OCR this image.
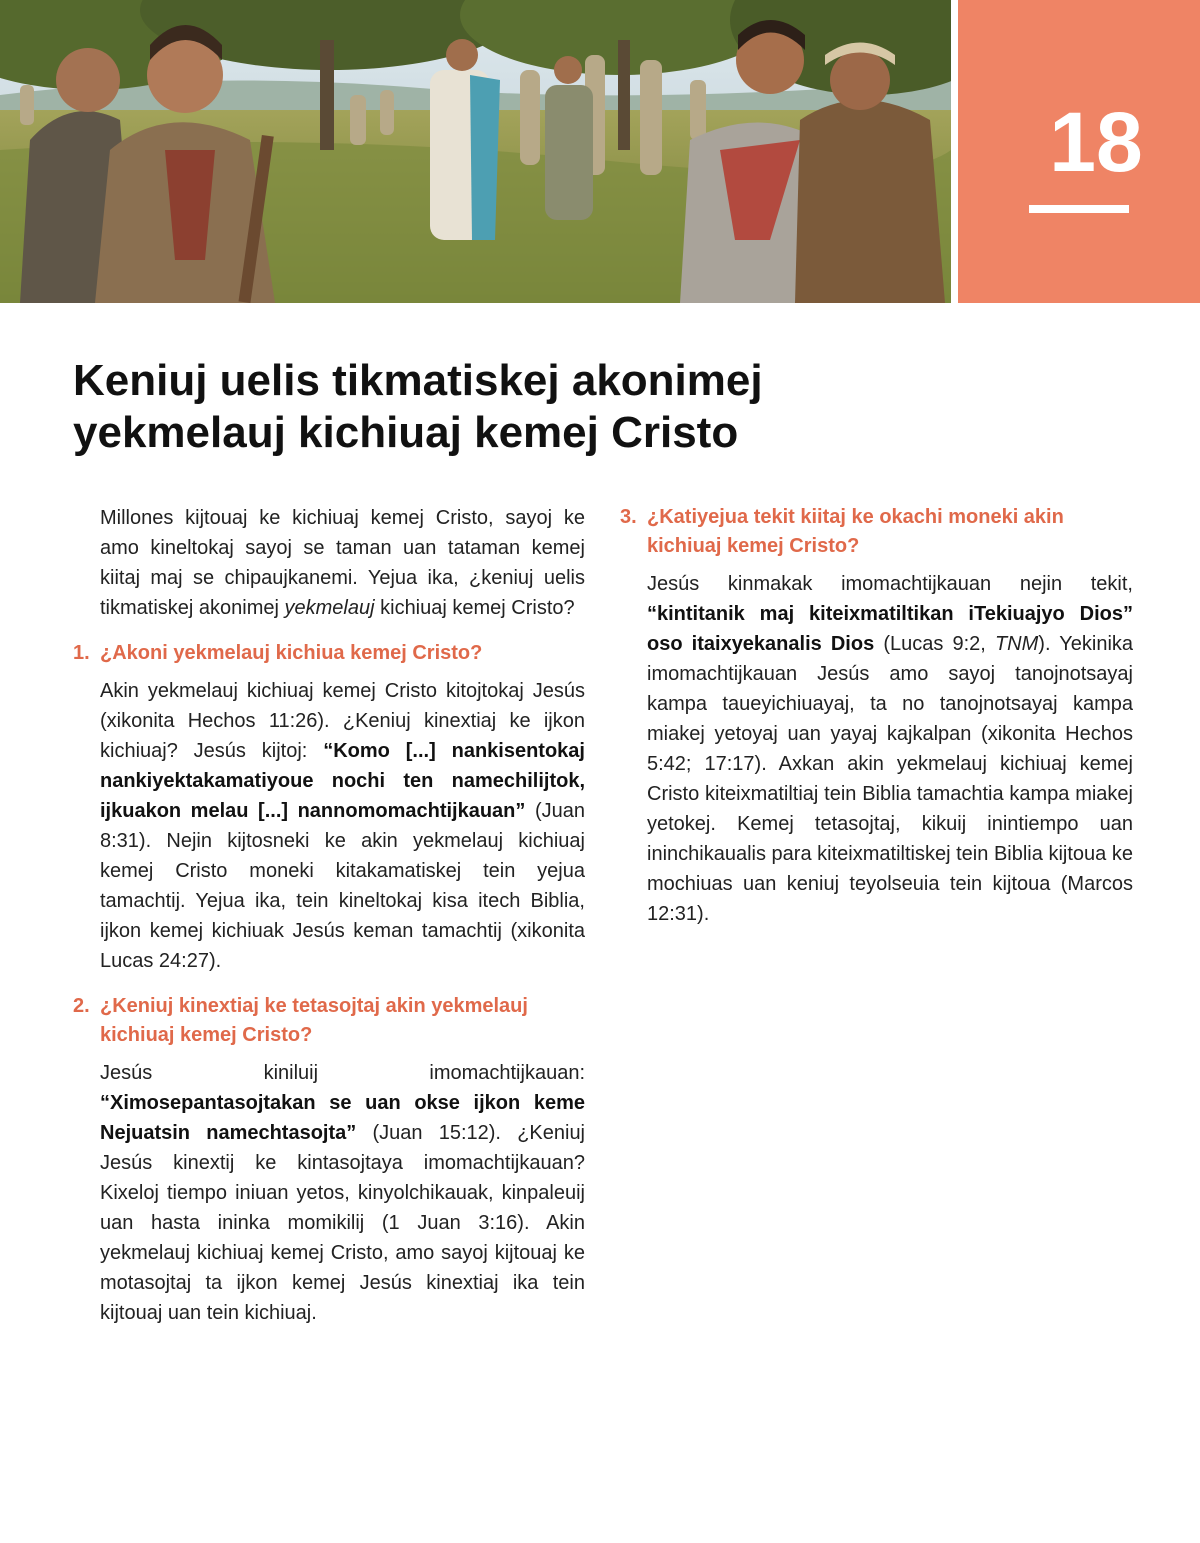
18
Keniuj uelis tikmatiskej akonimej
yekmelauj kichiuaj kemej Cristo

Millones kijtouaj ke kichiuaj kemej Cristo, sayoj ke amo kineltokaj sayoj se taman uan tataman kemej kiitaj maj se chipaujkanemi. Yejua ika, ¿keniuj uelis tikmatiskej akonimej yekmelauj kichiuaj kemej Cristo?

1. ¿Akoni yekmelauj kichiua kemej Cristo?

Akin yekmelauj kichiuaj kemej Cristo kitojtokaj Jesús (xikonita Hechos 11:26). ¿Keniuj kinextiaj ke ijkon kichiuaj? Jesús kijtoj: “Komo [...] nankisentokaj nankiyektakamatiyoue nochi ten namechilijtok, ijkuakon melau [...] nannomomachtijkauan” (Juan 8:31). Nejin kijtosneki ke akin yekmelauj kichiuaj kemej Cristo moneki kitakamatiskej tein yejua tamachtij. Yejua ika, tein kineltokaj kisa itech Biblia, ijkon kemej kichiuak Jesús keman tamachtij (xikonita Lucas 24:27).

2. ¿Keniuj kinextiaj ke tetasojtaj akin yekmelauj kichiuaj kemej Cristo?

Jesús kiniluij imomachtijkauan: “Ximosepantasojtakan se uan okse ijkon keme Nejuatsin namechtasojta” (Juan 15:12). ¿Keniuj Jesús kinextij ke kintasojtaya imomachtijkauan? Kixeloj tiempo iniuan yetos, kinyolchikauak, kinpaleuij uan hasta ininka momikilij (1 Juan 3:16). Akin yekmelauj kichiuaj kemej Cristo, amo sayoj kijtouaj ke motasojtaj ta ijkon kemej Jesús kinextiaj ika tein kijtouaj uan tein kichiuaj.

3. ¿Katiyejua tekit kiitaj ke okachi moneki akin kichiuaj kemej Cristo?

Jesús kinmakak imomachtijkauan nejin tekit, “kintitanik maj kiteixmatiltikan iTekiuajyo Dios” oso itaixyekanalis Dios (Lucas 9:2, TNM). Yekinika imomachtijkauan Jesús amo sayoj tanojnotsayaj kampa taueyichiuayaj, ta no tanojnotsayaj kampa miakej yetoyaj uan yayaj kajkalpan (xikonita Hechos 5:42; 17:17). Axkan akin yekmelauj kichiuaj kemej Cristo kiteixmatiltiaj tein Biblia tamachtia kampa miakej yetokej. Kemej tetasojtaj, kikuij inintiempo uan ininchikaualis para kiteixmatiltiskej tein Biblia kijtoua ke mochiuas uan keniuj teyolseuia tein kijtoua (Marcos 12:31).
